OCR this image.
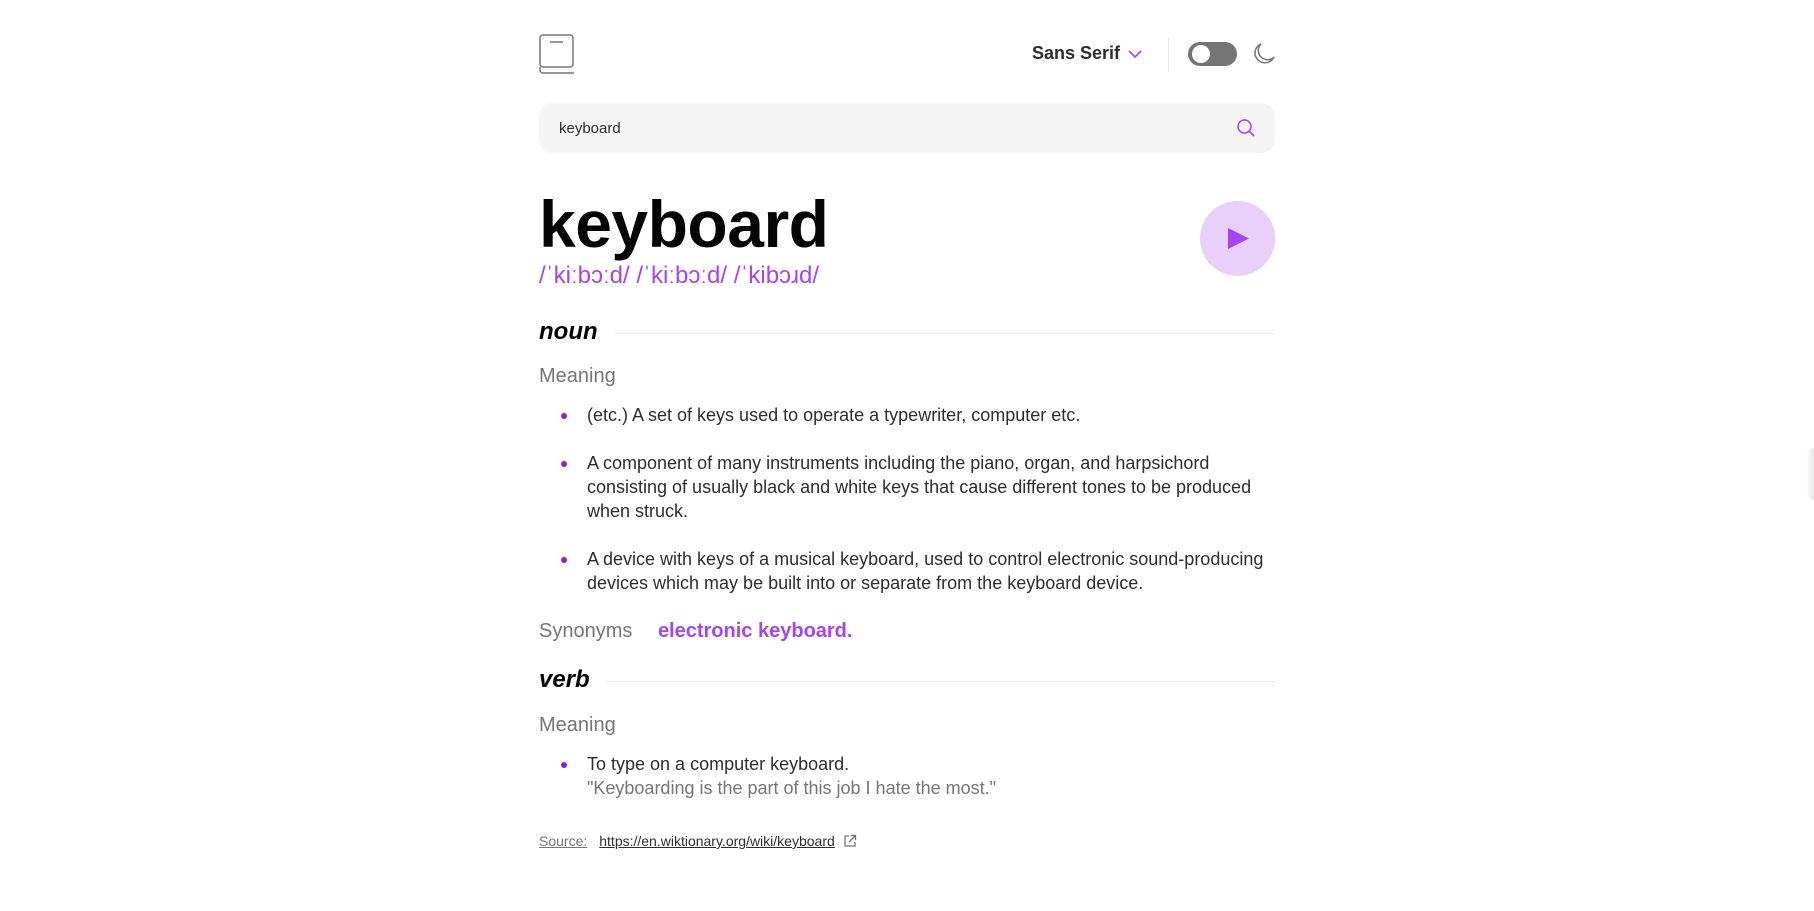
Sans Serif
keyboard
keyboard
/ˈkiːbɔːd/ /ˈkiːbɔːd/ /ˈkibɔɹd/
noun
Meaning
(etc.) A set of keys used to operate a typewriter, computer etc.
A component of many instruments including the piano, organ, and harpsichord consisting of usually black and white keys that cause different tones to be produced when struck.
A device with keys of a musical keyboard, used to control electronic sound-producing devices which may be built into or separate from the keyboard device.
Synonyms electronic keyboard.
verb
Meaning
To type on a computer keyboard.
"Keyboarding is the part of this job I hate the most."
Source: https://en.wiktionary.org/wiki/keyboard
